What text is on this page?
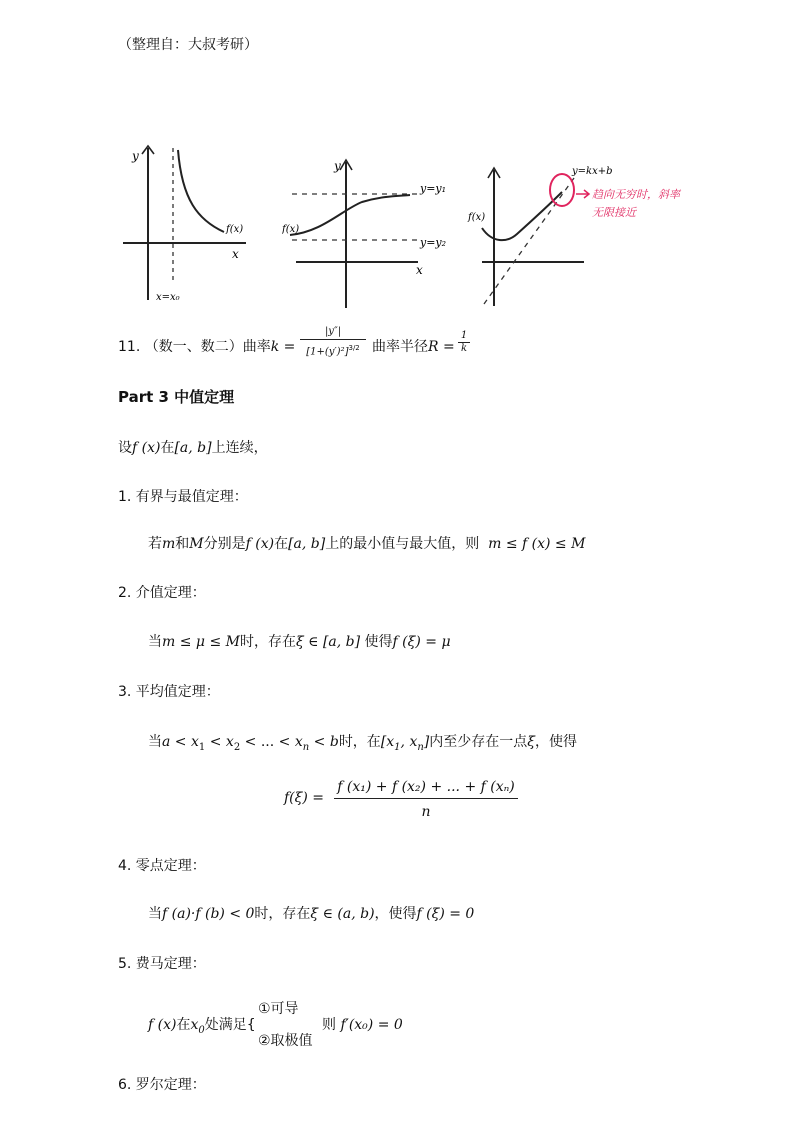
（整理自：大叔考研）
y
x
f(x)
x=x₀
y
x
f(x)
y=y₁
y=y₂
f(x)
y=kx+b
趋向无穷时，斜率
无限接近
11. （数一、数二）曲率k =
|y″|
$[1+(y')^2]^{3/2}$ 曲率半径R =
1
k
Part 3 中值定理
设f (x)在[a, b]上连续，
1. 有界与最值定理：
若m和M分别是f (x)在[a, b]上的最小值与最大值，则 m ≤ f (x) ≤ M
2. 介值定理：
当m ≤ μ ≤ M时，存在ξ ∈ [a, b] 使得f (ξ) = μ
3. 平均值定理：
当$a < x_1 < x_2$ < ... < $x_n < b$时，在[$x_1$, $x_n$]内至少存在一点ξ，使得
f(ξ) =
f (x₁) + f (x₂) + ... + f (xₙ)
n
4. 零点定理：
当f (a)·f (b) < 0时，存在ξ ∈ (a, b)，使得f (ξ) = 0
5. 费马定理：
f (x)在$x_0$处满足{
①可导
②取极值
则 f′(x₀) = 0
6. 罗尔定理：
